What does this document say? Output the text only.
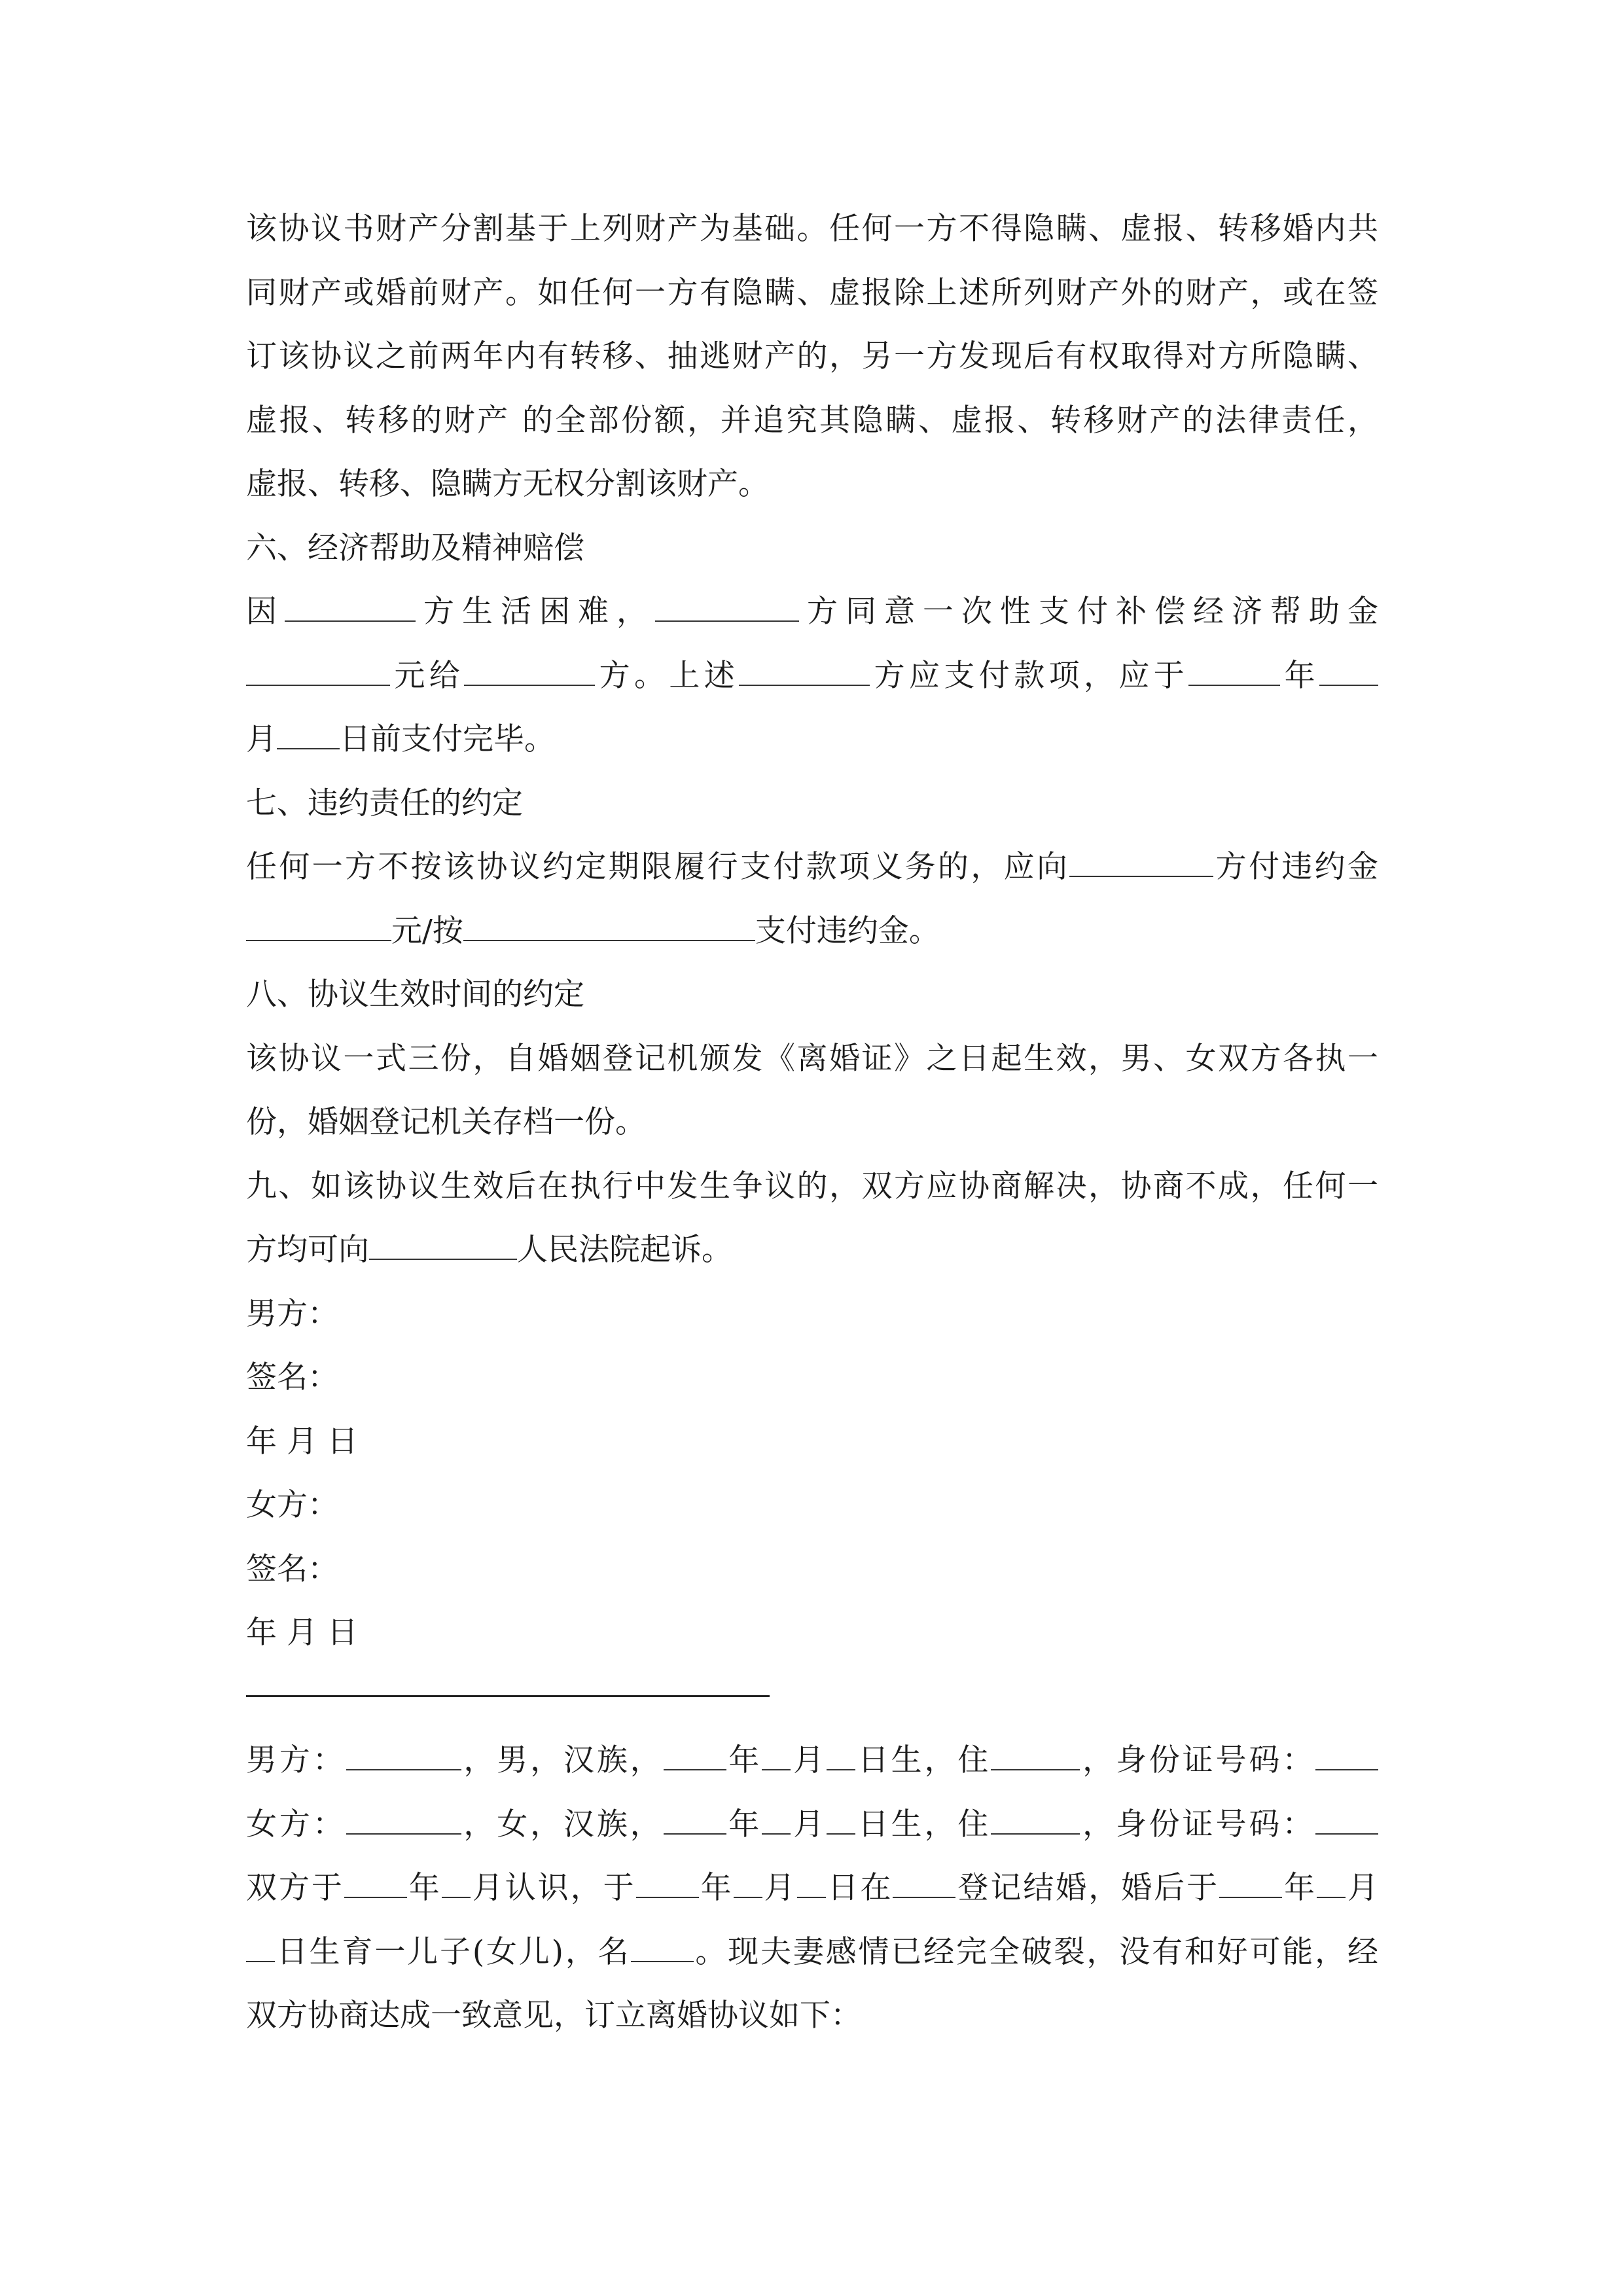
该协议书财产分割基于上列财产为基础。任何一方不得隐瞒、虚报、转移婚内共
同财产或婚前财产。如任何一方有隐瞒、虚报除上述所列财产外的财产，或在签
订该协议之前两年内有转移、抽逃财产的，另一方发现后有权取得对方所隐瞒、
虚报、转移的财产 的全部份额，并追究其隐瞒、虚报、转移财产的法律责任，
虚报、转移、隐瞒方无权分割该财产。
六、经济帮助及精神赔偿
因	方生活困难，	方同意一次性支付补偿经济帮助金
元给	方。上述	方应支付款项，应于	年
月 日前支付完毕。
七、违约责任的约定
任何一方不按该协议约定期限履行支付款项义务的，应向	方付违约金
元/按	支付违约金。
八、协议生效时间的约定
该协议一式三份，自婚姻登记机颁发《离婚证》之日起生效，男、女双方各执一
份，婚姻登记机关存档一份。
九、如该协议生效后在执行中发生争议的，双方应协商解决，协商不成，任何一
方均可向	人民法院起诉。
男方：
签名：
年 月 日
女方：
签名：
年 月 日
男方：	，男，汉族， 年 月 日生，住	，身份证号码：
女方：	，女，汉族， 年 月 日生，住	，身份证号码：
双方于 年 月认识，于 年 月 日在 登记结婚，婚后于 年 月
日生育一儿子(女儿)，名 。现夫妻感情已经完全破裂，没有和好可能，经
双方协商达成一致意见，订立离婚协议如下：
